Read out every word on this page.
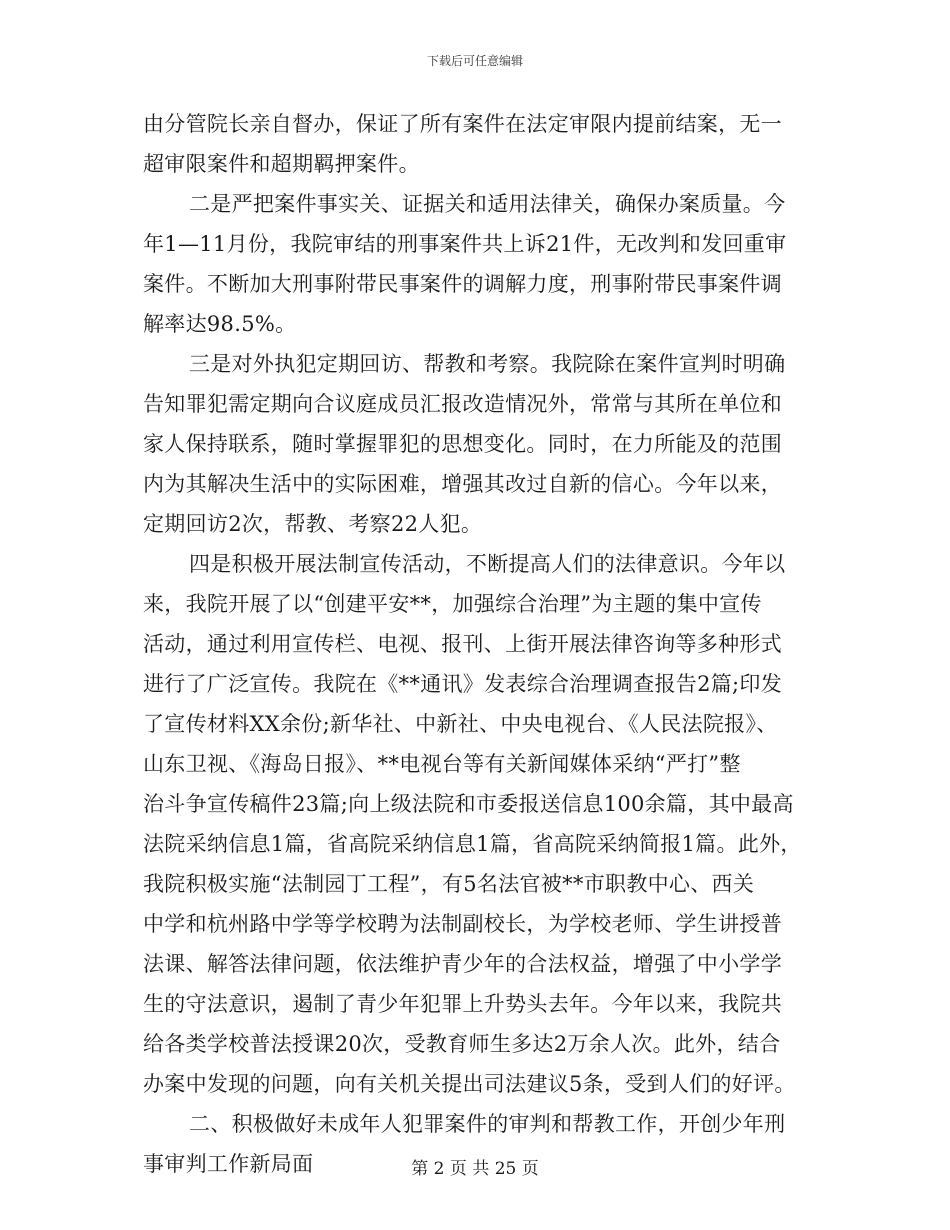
下载后可任意编辑
由分管院长亲自督办，保证了所有案件在法定审限内提前结案，无一
超审限案件和超期羁押案件。
二是严把案件事实关、证据关和适用法律关，确保办案质量。今
年1—11月份，我院审结的刑事案件共上诉21件，无改判和发回重审
案件。不断加大刑事附带民事案件的调解力度，刑事附带民事案件调
解率达98.5%。
三是对外执犯定期回访、帮教和考察。我院除在案件宣判时明确
告知罪犯需定期向合议庭成员汇报改造情况外，常常与其所在单位和
家人保持联系，随时掌握罪犯的思想变化。同时，在力所能及的范围
内为其解决生活中的实际困难，增强其改过自新的信心。今年以来，
定期回访2次，帮教、考察22人犯。
四是积极开展法制宣传活动，不断提高人们的法律意识。今年以
来，我院开展了以“创建平安**，加强综合治理”为主题的集中宣传
活动，通过利用宣传栏、电视、报刊、上街开展法律咨询等多种形式
进行了广泛宣传。我院在《**通讯》发表综合治理调查报告2篇;印发
了宣传材料XX余份;新华社、中新社、中央电视台、《人民法院报》、
山东卫视、《海岛日报》、**电视台等有关新闻媒体采纳“严打”整
治斗争宣传稿件23篇;向上级法院和市委报送信息100余篇，其中最高
法院采纳信息1篇，省高院采纳信息1篇，省高院采纳简报1篇。此外，
我院积极实施“法制园丁工程”，有5名法官被**市职教中心、西关
中学和杭州路中学等学校聘为法制副校长，为学校老师、学生讲授普
法课、解答法律问题，依法维护青少年的合法权益，增强了中小学学
生的守法意识，遏制了青少年犯罪上升势头去年。今年以来，我院共
给各类学校普法授课20次，受教育师生多达2万余人次。此外，结合
办案中发现的问题，向有关机关提出司法建议5条，受到人们的好评。
二、积极做好未成年人犯罪案件的审判和帮教工作，开创少年刑
事审判工作新局面	第 2 页 共 25 页
